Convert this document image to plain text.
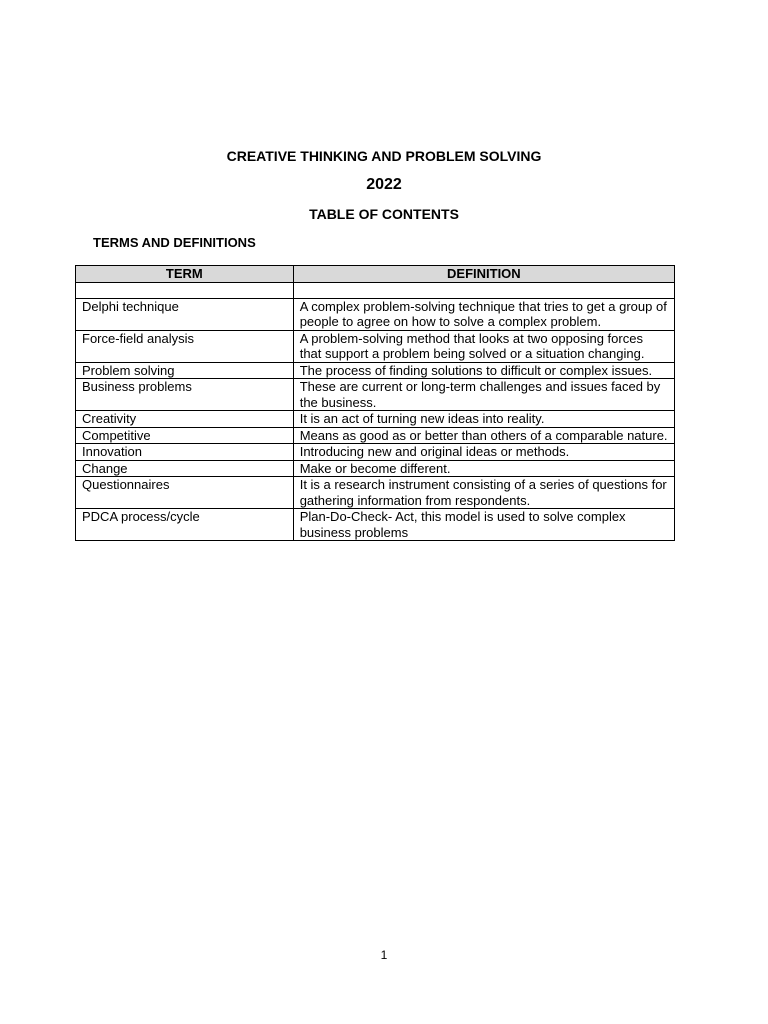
CREATIVE THINKING AND PROBLEM SOLVING
2022
TABLE OF CONTENTS
TERMS AND DEFINITIONS
TERM	DEFINITION

Delphi technique	A complex problem-solving technique that tries to get a group of people to agree on how to solve a complex problem.
Force-field analysis	A problem-solving method that looks at two opposing forces that support a problem being solved or a situation changing.
Problem solving	The process of finding solutions to difficult or complex issues.
Business problems	These are current or long-term challenges and issues faced by the business.
Creativity	It is an act of turning new ideas into reality.
Competitive	Means as good as or better than others of a comparable nature.
Innovation	Introducing new and original ideas or methods.
Change	Make or become different.
Questionnaires	It is a research instrument consisting of a series of questions for gathering information from respondents.
PDCA process/cycle	Plan-Do-Check- Act, this model is used to solve complex business problems
1
